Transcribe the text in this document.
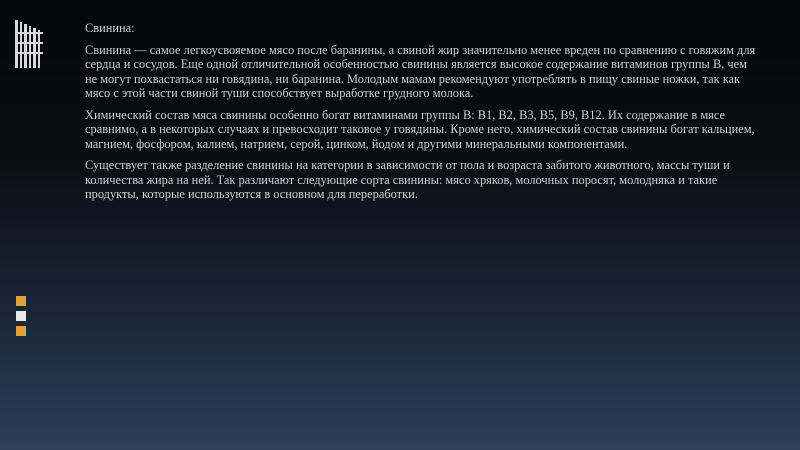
Свинина:

Свинина — самое легкоусвояемое мясо после баранины, а свиной жир значительно менее вреден по сравнению с говяжим для сердца и сосудов. Еще одной отличительной особенностью свинины является высокое содержание витаминов группы B, чем не могут похвастаться ни говядина, ни баранина. Молодым мамам рекомендуют употреблять в пищу свиные ножки, так как мясо с этой части свиной туши способствует выработке грудного молока.

Химический состав мяса свинины особенно богат витаминами группы B: B1, B2, B3, B5, B9, B12. Их содержание в мясе сравнимо, а в некоторых случаях и превосходит таковое у говядины. Кроме него, химический состав свинины богат кальцием, магнием, фосфором, калием, натрием, серой, цинком, йодом и другими минеральными компонентами.

Существует также разделение свинины на категории в зависимости от пола и возраста забитого животного, массы туши и количества жира на ней. Так различают следующие сорта свинины: мясо хряков, молочных поросят, молодняка и такие продукты, которые используются в основном для переработки.
